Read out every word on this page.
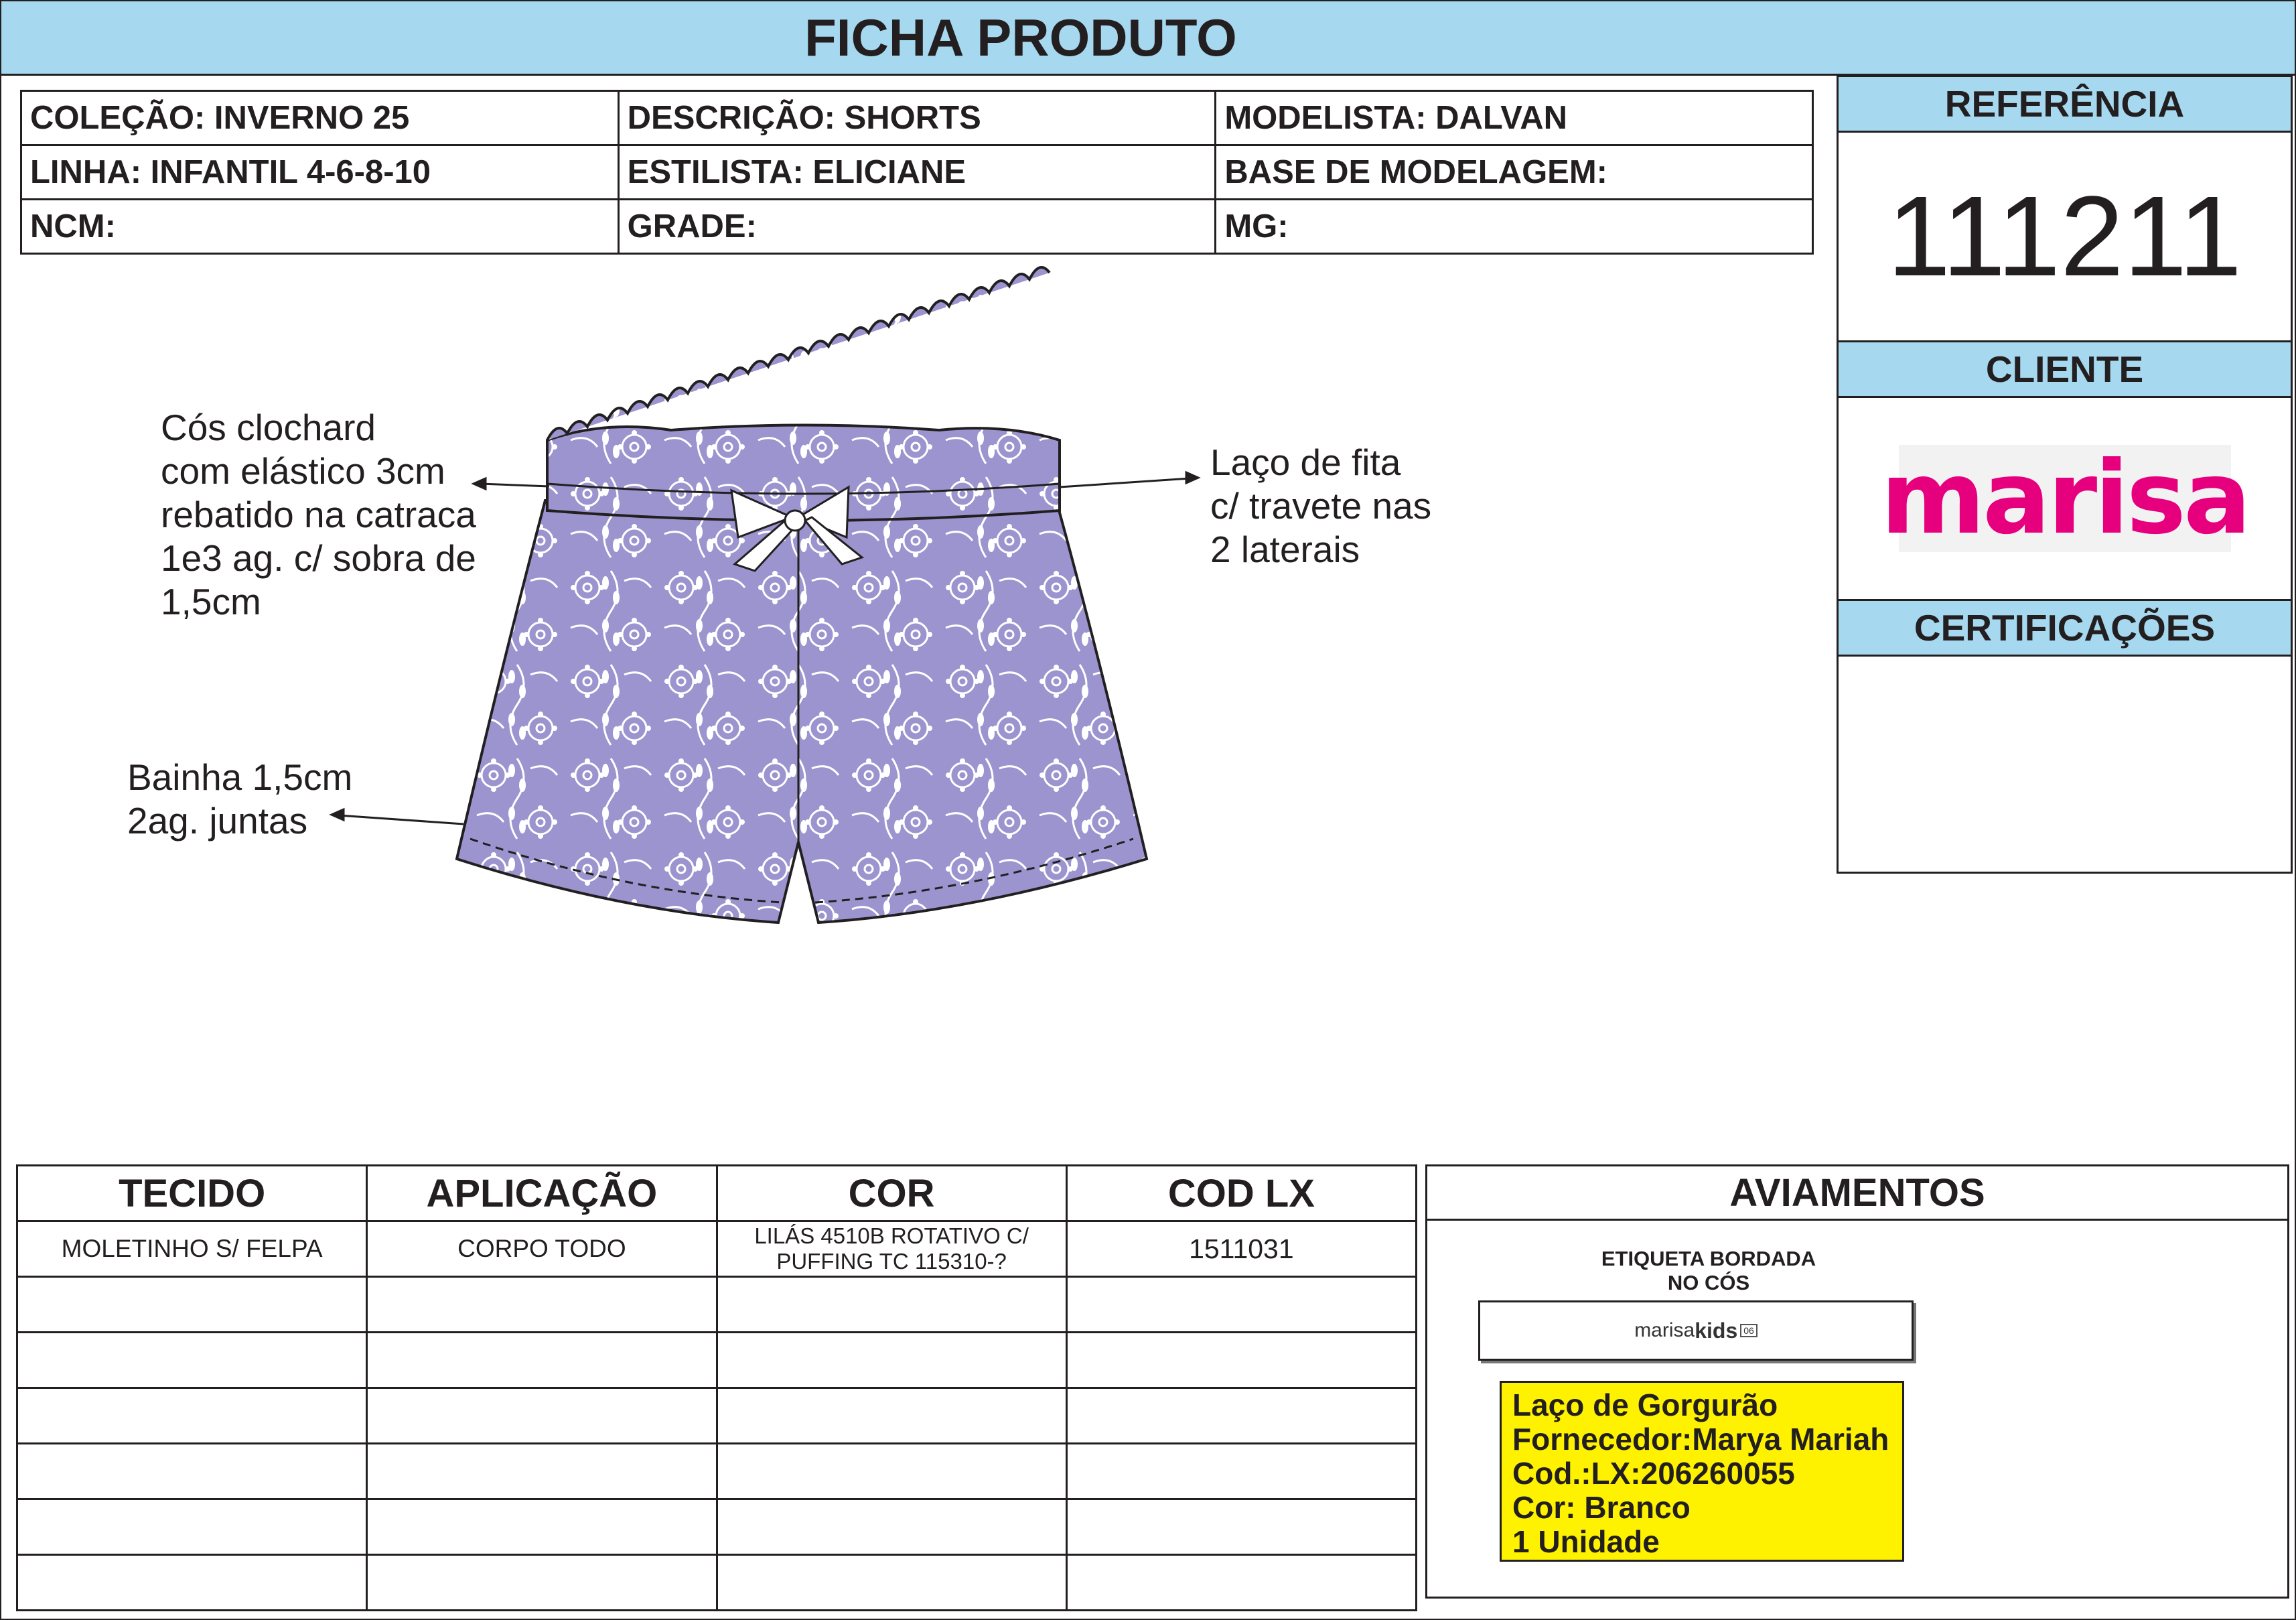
FICHA PRODUTO
COLEÇÃO: INVERNO 25	DESCRIÇÃO: SHORTS	MODELISTA: DALVAN
LINHA: INFANTIL 4-6-8-10	ESTILISTA: ELICIANE	BASE DE MODELAGEM:
NCM:	GRADE:	MG:
REFERÊNCIA
111211
CLIENTE
marisa
CERTIFICAÇÕES
Cós clochard
com elástico 3cm
rebatido na catraca
1e3 ag. c/ sobra de
1,5cm
Laço de fita
c/ travete nas
2 laterais
Bainha 1,5cm
2ag. juntas
TECIDO	APLICAÇÃO	COR	COD LX
MOLETINHO S/ FELPA	CORPO TODO	LILÁS 4510B ROTATIVO C/
PUFFING TC 115310-?	1511031

AVIAMENTOS
ETIQUETA BORDADA
NO CÓS
marisa kids 06
Laço de Gorgurão
Fornecedor:Marya Mariah
Cod.:LX:206260055
Cor: Branco
1 Unidade
